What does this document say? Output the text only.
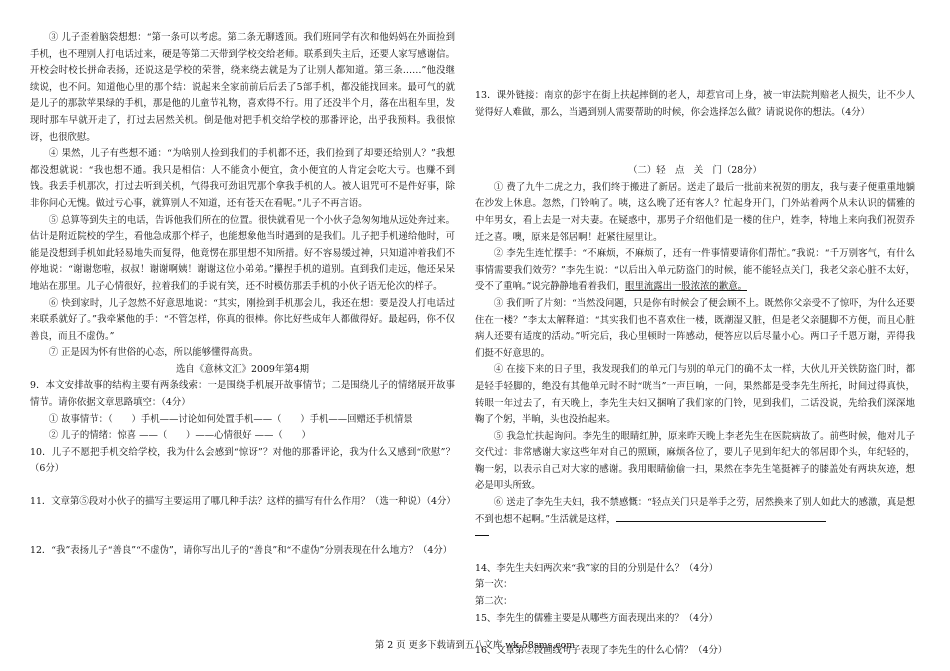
③ 儿子歪着脑袋想想：“第一条可以考虑。第二条无聊透顶。我们班同学有次和他妈妈在外面捡到手机，也不理别人打电话过来，硬是等第二天带到学校交给老师。联系到失主后，还要人家写感谢信。开校会时校长拼命表扬，还说这是学校的荣誉，绕来绕去就是为了让别人都知道。第三条……”他没继续说，也不问。知道他心里的那个结：说起来全家前前后后丢了5部手机，都没能找回来。最可气的就是儿子的那款苹果绿的手机，那是他的儿童节礼物，喜欢得不行。用了还没半个月，落在出租车里，发现时那车早就开走了，打过去居然关机。倒是他对把手机交给学校的那番评论，出乎我预料。我很惊讶，也很欣慰。

④ 果然，儿子有些想不通：“为啥别人捡到我们的手机都不还，我们捡到了却要还给别人？”我想都没想就说：“我也想不通。我只是相信：人不能贪小便宜，贪小便宜的人肯定会吃大亏。也赚不到钱。我丢手机那次，打过去听到关机，气得我可劲诅咒那个拿我手机的人。被人诅咒可不是件好事，除非你问心无愧。做过亏心事，就算别人不知道，还有苍天在看呢。”儿子不再言语。

⑤ 总算等到失主的电话，告诉他我们所在的位置。很快就看见一个小伙子急匆匆地从远处奔过来。估计是附近院校的学生，看他急成那个样子，也能想象他当时遇到的是我们。儿子把手机递给他时，可能是没想到手机如此轻易地失而复得，他竟愣在那里想不知所措。好不容易缓过神，只知道冲着我们不停地说：“谢谢您啦，叔叔！谢谢啊姨！谢谢这位小弟弟。”攥捏手机的道别。直到我们走远，他还呆呆地站在那里。儿子心情很好，拉着我们的手说有笑，还不时模仿那丢手机的小伙子语无伦次的样子。

⑥ 快到家时，儿子忽然不好意思地说：“其实，刚捡到手机那会儿，我还在想：要是没人打电话过来联系就好了。”我牵紧他的手：“不管怎样，你真的很棒。你比好些成年人都做得好。最起码，你不仅善良，而且不虚伪。”

⑦ 正是因为怀有世俗的心态，所以能够懂得高贵。

选自《意林文汇》2009年第4期

9．本文安排故事的结构主要有两条线索：一是围绕手机展开故事情节；二是围绕儿子的情绪展开故事情节。请你依据文章思路填空：（4分）

① 故事情节：（　　）手机——讨论如何处置手机——（　　）手机——回赠还手机情景

② 儿子的情绪：惊喜 ——（　　）——心情很好 ——（　　）

10．儿子不愿把手机交给学校，我为什么会感到“惊讶”？对他的那番评论，我为什么又感到“欣慰”？　（6分）

11．文章第⑤段对小伙子的描写主要运用了哪几种手法？这样的描写有什么作用？（选一种说）（4分）

12．“我”表扬儿子“善良”“不虚伪”，请你写出儿子的“善良”和“不虚伪”分别表现在什么地方？（4分）

13．课外链接：南京的彭宇在街上扶起摔倒的老人，却惹官司上身，被一审法院判赔老人损失，让不少人觉得好人难做，那么，当遇到别人需要帮助的时候，你会选择怎么做？请说说你的想法。（4分）

（二）轻　点　关　门（28分）

① 费了九牛二虎之力，我们终于搬进了新居。送走了最后一批前来祝贺的朋友，我与妻子便重重地躺在沙发上休息。忽然，门铃响了。咦，这么晚了还有客人？忙起身开门，门外站着两个从未认识的儒雅的中年男女，看上去是一对夫妻。在疑惑中，那男子介绍他们是一楼的住户，姓李，特地上来向我们祝贺乔迁之喜。噢，原来是邻居啊！赶紧往屋里让。

② 李先生连忙摆手：“不麻烦，不麻烦了，还有一件事情要请你们帮忙。”我说：“千万别客气，有什么事情需要我们效劳？”李先生说：“以后出入单元防盗门的时候，能不能轻点关门，我老父亲心脏不太好，受不了重响。”说完静静地看着我们，眼里流露出一股浓浓的歉意。

③ 我们听了片刻：“当然没问题，只是你有时候会了便会顾不上。既然你父亲受不了惊吓，为什么还要住在一楼？”李太太解释道：“其实我们也不喜欢住一楼，既潮湿又脏，但是老父亲腿脚不方便，而且心脏病人还要有适度的活动。”听完后，我心里顿时一阵感动，便答应以后尽量小心。两口子千恩万谢，弄得我们挺不好意思的。

④ 在接下来的日子里，我发现我们的单元门与别的单元门的确不太一样，大伙儿开关铁防盗门时，都是轻手轻脚的，绝没有其他单元时不时“咣当”一声巨响，一问，果然都是受李先生所托，时间过得真快，转眼一年过去了，有天晚上，李先生夫妇又捆响了我们家的门铃，见到我们，二话没说，先给我们深深地鞠了个躬，半晌，头也没抬起来。

⑤ 我急忙扶起询问。李先生的眼睛红肿，原来昨天晚上李老先生在医院病故了。前些时候，他对儿子交代过：非常感谢大家这些年对自己的照顾，麻烦各位了，要儿子见到年纪大的邻居即个头，年纪轻的，鞠一躬，以表示自己对大家的感谢。我用眼睛偷偷一扫，果然在李先生笔挺裤子的膝盖处有两块灰迹，想必是叩头所致。

⑥ 送走了李先生夫妇，我不禁感慨：“轻点关门只是举手之劳，居然换来了别人如此大的感激，真是想不到也想不起啊。”生活就是这样，

14、李先生夫妇两次来“我”家的目的分别是什么？（4分）

第一次：

第二次：

15、李先生的儒雅主要是从哪些方面表现出来的？（4分）

16、文章第②段画线句子表现了李先生的什么心情？（4分）

第 2 页 更多下载请到五八文库 wk.58sms.com
